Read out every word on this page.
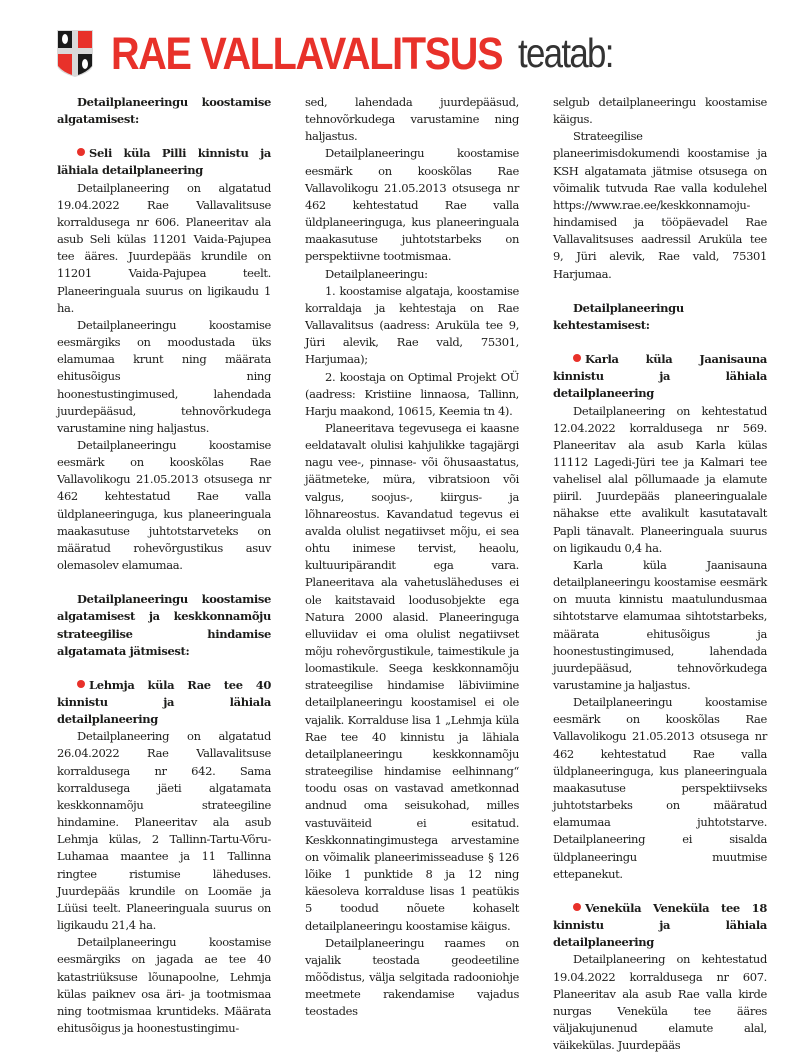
RAE VALLAVALITSUS teatab:

Detailplaneeringu koostamise algatamisest:

Seli küla Pilli kinnistu ja lähiala detailplaneering

Detailplaneering on algatatud 19.04.2022 Rae Vallavalitsuse korraldusega nr 606. Planeeritav ala asub Seli külas 11201 Vaida-Pajupea tee ääres. Juurdepääs krundile on 11201 Vaida-Pajupea teelt. Planeeringuala suurus on ligikaudu 1 ha.

Detailplaneeringu koostamise eesmärgiks on moodustada üks elamumaa krunt ning määrata ehitusõigus ning hoonestustingimused, lahendada juurdepääsud, tehnovõrkudega varustamine ning haljastus.

Detailplaneeringu koostamise eesmärk on kooskõlas Rae Vallavolikogu 21.05.2013 otsusega nr 462 kehtestatud Rae valla üldplaneeringuga, kus planeeringuala maakasutuse juhtotstarveteks on määratud rohevõrgustikus asuv olemasolev elamumaa.

Detailplaneeringu koostamise algatamisest ja keskkonnamõju strateegilise hindamise algatamata jätmisest:

Lehmja küla Rae tee 40 kinnistu ja lähiala detailplaneering

Detailplaneering on algatatud 26.04.2022 Rae Vallavalitsuse korraldusega nr 642. Sama korraldusega jäeti algatamata keskkonnamõju strateegiline hindamine. Planeeritav ala asub Lehmja külas, 2 Tallinn-Tartu-Võru-Luhamaa maantee ja 11 Tallinna ringtee ristumise läheduses. Juurdepääs krundile on Loomäe ja Lüüsi teelt. Planeeringuala suurus on ligikaudu 21,4 ha.

Detailplaneeringu koostamise eesmärgiks on jagada ae tee 40 katastriüksuse lõunapoolne, Lehmja külas paiknev osa äri- ja tootmismaa ning tootmismaa kruntideks. Määrata ehitusõigus ja hoonestustingimu-

sed, lahendada juurdepääsud, tehnovõrkudega varustamine ning haljastus.

Detailplaneeringu koostamise eesmärk on kooskõlas Rae Vallavolikogu 21.05.2013 otsusega nr 462 kehtestatud Rae valla üldplaneeringuga, kus planeeringuala maakasutuse juhtotstarbeks on perspektiivne tootmismaa.

Detailplaneeringu:

1. koostamise algataja, koostamise korraldaja ja kehtestaja on Rae Vallavalitsus (aadress: Aruküla tee 9, Jüri alevik, Rae vald, 75301, Harjumaa);

2. koostaja on Optimal Projekt OÜ (aadress: Kristiine linnaosa, Tallinn, Harju maakond, 10615, Keemia tn 4).

Planeeritava tegevusega ei kaasne eeldatavalt olulisi kahjulikke tagajärgi nagu vee-, pinnase- või õhusaastatus, jäätmeteke, müra, vibratsioon või valgus, soojus-, kiirgus- ja lõhnareostus. Kavandatud tegevus ei avalda olulist negatiivset mõju, ei sea ohtu inimese tervist, heaolu, kultuuripärandit ega vara. Planeeritava ala vahetusläheduses ei ole kaitstavaid loodusobjekte ega Natura 2000 alasid. Planeeringuga elluviidav ei oma olulist negatiivset mõju rohevõrgustikule, taimestikule ja loomastikule. Seega keskkonnamõju strateegilise hindamise läbiviimine detailplaneeringu koostamisel ei ole vajalik. Korralduse lisa 1 „Lehmja küla Rae tee 40 kinnistu ja lähiala detailplaneeringu keskkonnamõju strateegilise hindamise eelhinnang“ toodu osas on vastavad ametkonnad andnud oma seisukohad, milles vastuväiteid ei esitatud. Keskkonnatingimustega arvestamine on võimalik planeerimisseaduse § 126 lõike 1 punktide 8 ja 12 ning käesoleva korralduse lisas 1 peatükis 5 toodud nõuete kohaselt detailplaneeringu koostamise käigus.

Detailplaneeringu raames on vajalik teostada geodeetiline mõõdistus, välja selgitada radooniohje meetmete rakendamise vajadus teostades

selgub detailplaneeringu koostamise käigus.

Strateegilise planeerimisdokumendi koostamise ja KSH algatamata jätmise otsusega on võimalik tutvuda Rae valla kodulehel https://www.rae.ee/keskkonnamoju-hindamised ja tööpäevadel Rae Vallavalitsuses aadressil Aruküla tee 9, Jüri alevik, Rae vald, 75301 Harjumaa.

Detailplaneeringu kehtestamisest:

Karla küla Jaanisauna kinnistu ja lähiala detailplaneering

Detailplaneering on kehtestatud 12.04.2022 korraldusega nr 569. Planeeritav ala asub Karla külas 11112 Lagedi-Jüri tee ja Kalmari tee vahelisel alal põllumaade ja elamute piiril. Juurdepääs planeeringualale nähakse ette avalikult kasutatavalt Papli tänavalt. Planeeringuala suurus on ligikaudu 0,4 ha.

Karla küla Jaanisauna detailplaneeringu koostamise eesmärk on muuta kinnistu maatulundusmaa sihtotstarve elamumaa sihtotstarbeks, määrata ehitusõigus ja hoonestustingimused, lahendada juurdepääsud, tehnovõrkudega varustamine ja haljastus.

Detailplaneeringu koostamise eesmärk on kooskõlas Rae Vallavolikogu 21.05.2013 otsusega nr 462 kehtestatud Rae valla üldplaneeringuga, kus planeeringuala maakasutuse perspektiivseks juhtotstarbeks on määratud elamumaa juhtotstarve. Detailplaneering ei sisalda üldplaneeringu muutmise ettepanekut.

Veneküla Veneküla tee 18 kinnistu ja lähiala detailplaneering

Detailplaneering on kehtestatud 19.04.2022 korraldusega nr 607. Planeeritav ala asub Rae valla kirde nurgas Veneküla tee ääres väljakujunenud elamute alal, väikekülas. Juurdepääs
